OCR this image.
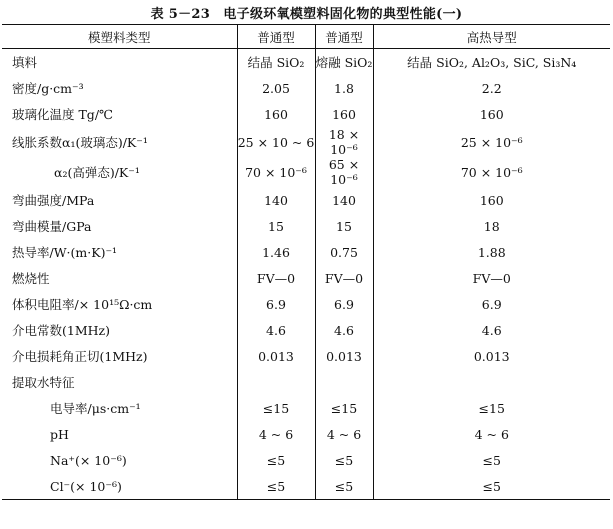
表 5－23　电子级环氧模塑料固化物的典型性能(一)
模塑料类型	普通型	普通型	高热导型
填料	结晶 SiO₂	熔融 SiO₂	结晶 SiO₂, Al₂O₃, SiC, Si₃N₄
密度/g·cm⁻³	2.05	1.8	2.2
玻璃化温度 Tg/℃	160	160	160
线胀系数α₁(玻璃态)/K⁻¹	25 × 10 ~ 6	18 × 10⁻⁶	25 × 10⁻⁶
α₂(高弹态)/K⁻¹	70 × 10⁻⁶	65 × 10⁻⁶	70 × 10⁻⁶
弯曲强度/MPa	140	140	160
弯曲模量/GPa	15	15	18
热导率/W·(m·K)⁻¹	1.46	0.75	1.88
燃烧性	FV—0	FV—0	FV—0
体积电阻率/× 10¹⁵Ω·cm	6.9	6.9	6.9
介电常数(1MHz)	4.6	4.6	4.6
介电损耗角正切(1MHz)	0.013	0.013	0.013
提取水特征			
电导率/μs·cm⁻¹	≤15	≤15	≤15
pH	4 ~ 6	4 ~ 6	4 ~ 6
Na⁺(× 10⁻⁶)	≤5	≤5	≤5
Cl⁻(× 10⁻⁶)	≤5	≤5	≤5
